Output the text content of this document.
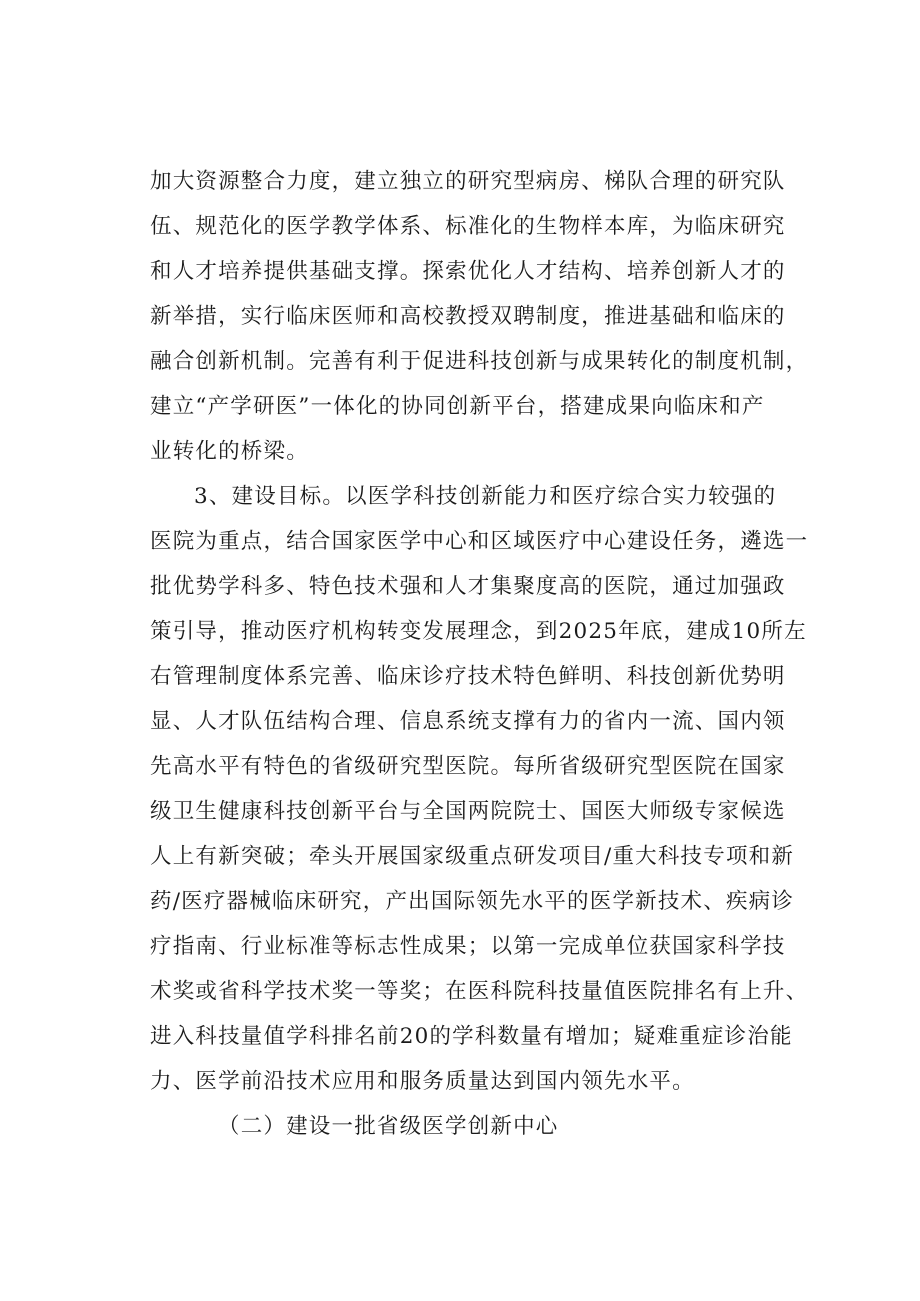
加大资源整合力度，建立独立的研究型病房、梯队合理的研究队
伍、规范化的医学教学体系、标准化的生物样本库，为临床研究
和人才培养提供基础支撑。探索优化人才结构、培养创新人才的
新举措，实行临床医师和高校教授双聘制度，推进基础和临床的
融合创新机制。完善有利于促进科技创新与成果转化的制度机制，
建立“产学研医”一体化的协同创新平台，搭建成果向临床和产
业转化的桥梁。
3、建设目标。以医学科技创新能力和医疗综合实力较强的
医院为重点，结合国家医学中心和区域医疗中心建设任务，遴选一
批优势学科多、特色技术强和人才集聚度高的医院，通过加强政
策引导，推动医疗机构转变发展理念，到2025年底，建成10所左
右管理制度体系完善、临床诊疗技术特色鲜明、科技创新优势明
显、人才队伍结构合理、信息系统支撑有力的省内一流、国内领
先高水平有特色的省级研究型医院。每所省级研究型医院在国家
级卫生健康科技创新平台与全国两院院士、国医大师级专家候选
人上有新突破；牵头开展国家级重点研发项目/重大科技专项和新
药/医疗器械临床研究，产出国际领先水平的医学新技术、疾病诊
疗指南、行业标准等标志性成果；以第一完成单位获国家科学技
术奖或省科学技术奖一等奖；在医科院科技量值医院排名有上升、
进入科技量值学科排名前20的学科数量有增加；疑难重症诊治能
力、医学前沿技术应用和服务质量达到国内领先水平。
（二）建设一批省级医学创新中心
